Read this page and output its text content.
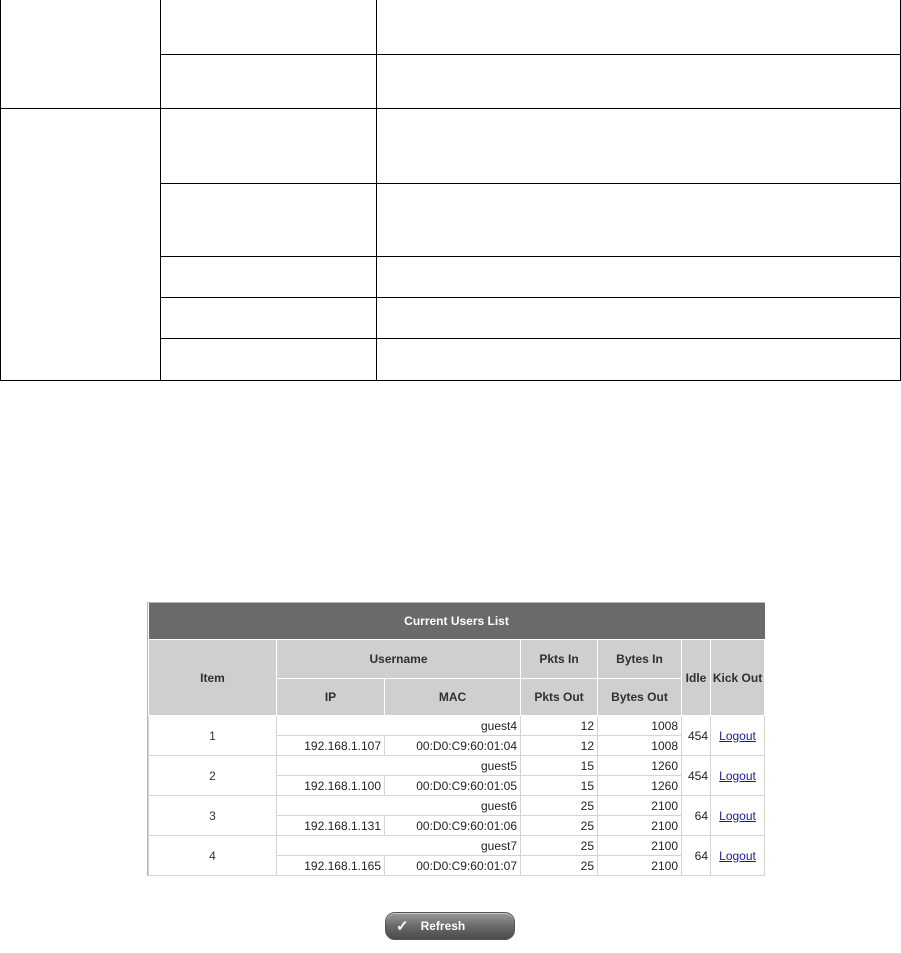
Current Users List						
Item	Username		Pkts In	Bytes In	Idle	Kick Out
	IP	MAC	Pkts Out	Bytes Out		
1	guest4		12	1008	454	Logout
	192.168.1.107	00:D0:C9:60:01:04	12	1008		
2	guest5		15	1260	454	Logout
	192.168.1.100	00:D0:C9:60:01:05	15	1260		
3	guest6		25	2100	64	Logout
	192.168.1.131	00:D0:C9:60:01:06	25	2100		
4	guest7		25	2100	64	Logout
	192.168.1.165	00:D0:C9:60:01:07	25	2100		
✓ Refresh
